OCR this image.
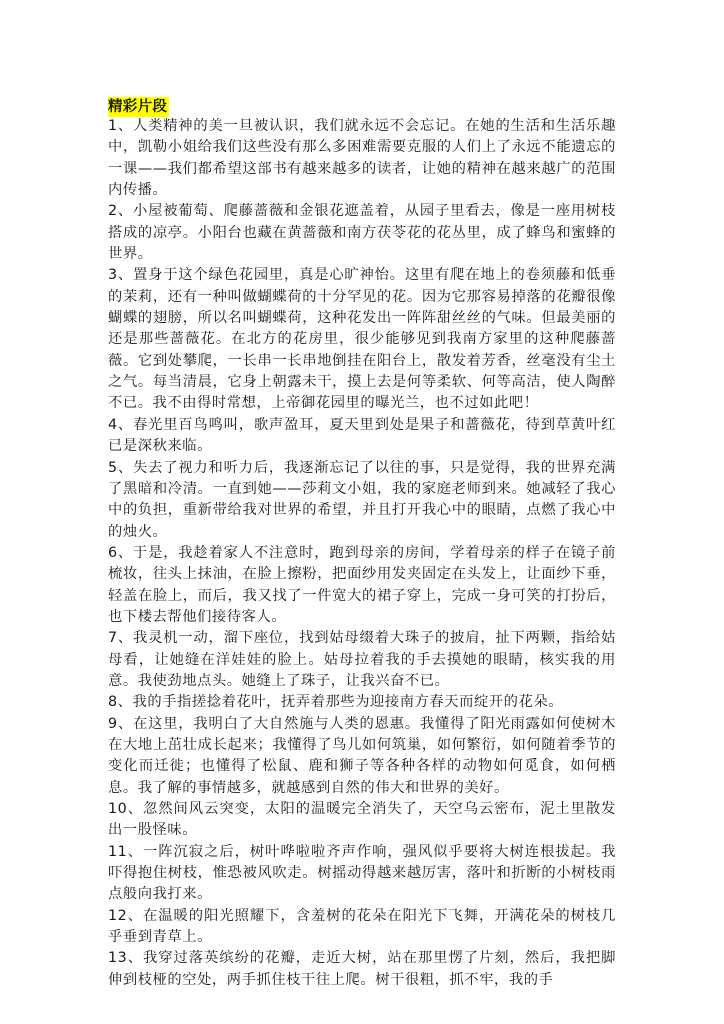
精彩片段

1、人类精神的美一旦被认识，我们就永远不会忘记。在她的生活和生活乐趣中，凯勒小姐给我们这些没有那么多困难需要克服的人们上了永远不能遗忘的一课——我们都希望这部书有越来越多的读者，让她的精神在越来越广的范围内传播。

2、小屋被葡萄、爬藤蔷薇和金银花遮盖着，从园子里看去，像是一座用树枝搭成的凉亭。小阳台也藏在黄蔷薇和南方茯苓花的花丛里，成了蜂鸟和蜜蜂的世界。

3、置身于这个绿色花园里，真是心旷神怡。这里有爬在地上的卷须藤和低垂的茉莉，还有一种叫做蝴蝶荷的十分罕见的花。因为它那容易掉落的花瓣很像蝴蝶的翅膀，所以名叫蝴蝶荷，这种花发出一阵阵甜丝丝的气味。但最美丽的还是那些蔷薇花。在北方的花房里，很少能够见到我南方家里的这种爬藤蔷薇。它到处攀爬，一长串一长串地倒挂在阳台上，散发着芳香，丝毫没有尘土之气。每当清晨，它身上朝露未干，摸上去是何等柔软、何等高洁，使人陶醉不已。我不由得时常想，上帝御花园里的曝光兰，也不过如此吧！

4、春光里百鸟鸣叫，歌声盈耳，夏天里到处是果子和蔷薇花，待到草黄叶红已是深秋来临。

5、失去了视力和听力后，我逐渐忘记了以往的事，只是觉得，我的世界充满了黑暗和冷清。一直到她——莎莉文小姐，我的家庭老师到来。她减轻了我心中的负担，重新带给我对世界的希望，并且打开我心中的眼睛，点燃了我心中的烛火。

6、于是，我趁着家人不注意时，跑到母亲的房间，学着母亲的样子在镜子前梳妆，往头上抹油，在脸上擦粉，把面纱用发夹固定在头发上，让面纱下垂，轻盖在脸上，而后，我又找了一件宽大的裙子穿上，完成一身可笑的打扮后，也下楼去帮他们接待客人。

7、我灵机一动，溜下座位，找到姑母缀着大珠子的披肩，扯下两颗，指给姑母看，让她缝在洋娃娃的脸上。姑母拉着我的手去摸她的眼睛，核实我的用意。我使劲地点头。她缝上了珠子，让我兴奋不已。

8、我的手指搓捻着花叶，抚弄着那些为迎接南方春天而绽开的花朵。

9、在这里，我明白了大自然施与人类的恩惠。我懂得了阳光雨露如何使树木在大地上茁壮成长起来；我懂得了鸟儿如何筑巢，如何繁衍，如何随着季节的变化而迁徙；也懂得了松鼠、鹿和狮子等各种各样的动物如何觅食，如何栖息。我了解的事情越多，就越感到自然的伟大和世界的美好。

10、忽然间风云突变，太阳的温暖完全消失了，天空乌云密布，泥土里散发出一股怪味。

11、一阵沉寂之后，树叶哗啦啦齐声作响，强风似乎要将大树连根拔起。我吓得抱住树枝，惟恐被风吹走。树摇动得越来越厉害，落叶和折断的小树枝雨点般向我打来。

12、在温暖的阳光照耀下，含羞树的花朵在阳光下飞舞，开满花朵的树枝几乎垂到青草上。

13、我穿过落英缤纷的花瓣，走近大树，站在那里愣了片刻，然后，我把脚伸到枝桠的空处，两手抓住枝干往上爬。树干很粗，抓不牢，我的手
